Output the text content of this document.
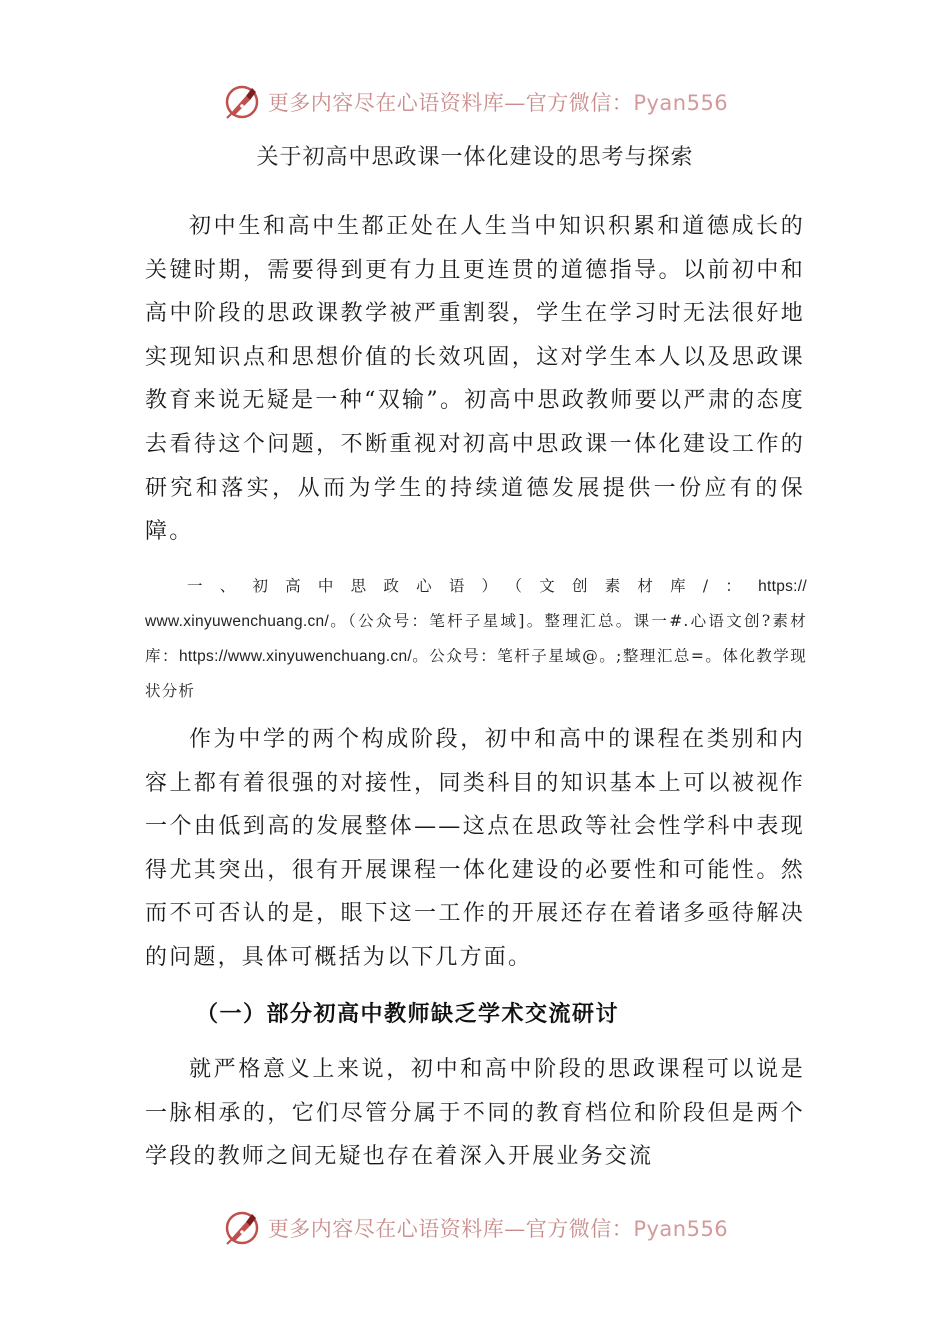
更多内容尽在心语资料库—官方微信：Pyan556
关于初高中思政课一体化建设的思考与探索

初中生和高中生都正处在人生当中知识积累和道德成长的关键时期，需要得到更有力且更连贯的道德指导。以前初中和高中阶段的思政课教学被严重割裂，学生在学习时无法很好地实现知识点和思想价值的长效巩固，这对学生本人以及思政课教育来说无疑是一种“双输”。初高中思政教师要以严肃的态度去看待这个问题，不断重视对初高中思政课一体化建设工作的研究和落实，从而为学生的持续道德发展提供一份应有的保障。

一、初高中思政心语）（文创素材库/：https://
www.xinyuwenchuang.cn/。（公众号：笔杆子星域]。整理汇总。课一#.心语文创?素材库：https://www.xinyuwenchuang.cn/。公众号：笔杆子星域@。;整理汇总=。体化教学现状分析

作为中学的两个构成阶段，初中和高中的课程在类别和内容上都有着很强的对接性，同类科目的知识基本上可以被视作一个由低到高的发展整体——这点在思政等社会性学科中表现得尤其突出，很有开展课程一体化建设的必要性和可能性。然而不可否认的是，眼下这一工作的开展还存在着诸多亟待解决的问题，具体可概括为以下几方面。

（一）部分初高中教师缺乏学术交流研讨

就严格意义上来说，初中和高中阶段的思政课程可以说是一脉相承的，它们尽管分属于不同的教育档位和阶段但是两个学段的教师之间无疑也存在着深入开展业务交流

更多内容尽在心语资料库—官方微信：Pyan556
